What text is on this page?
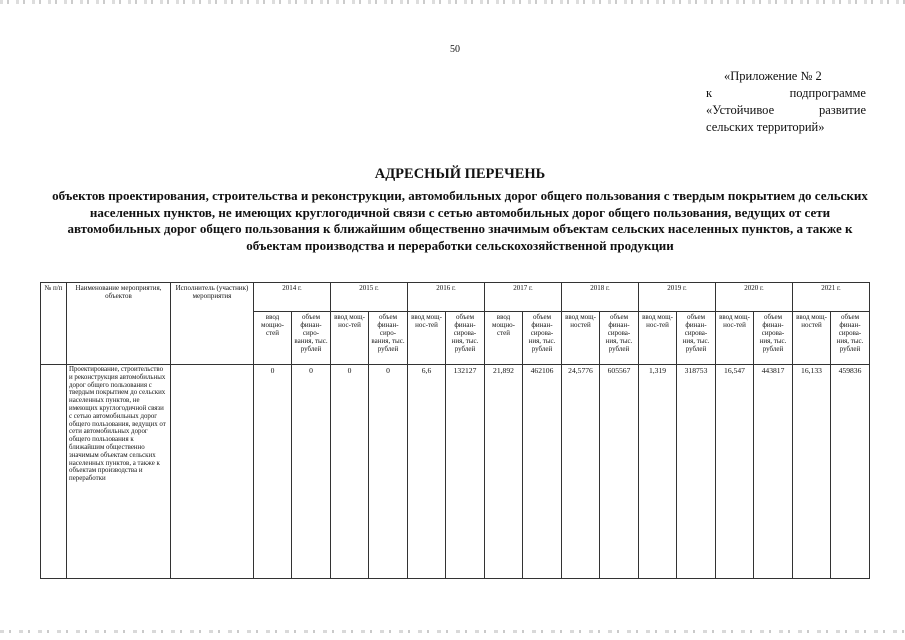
50
«Приложение № 2
к	подпрограмме
«Устойчивое	развитие
сельских территорий»
АДРЕСНЫЙ ПЕРЕЧЕНЬ
объектов проектирования, строительства и реконструкции, автомобильных дорог общего пользования с твердым покрытием до сельских населенных пунктов, не имеющих круглогодичной связи с сетью автомобильных дорог общего пользования, ведущих от сети автомобильных дорог общего пользования к ближайшим общественно значимым объектам сельских населенных пунктов, а также к объектам производства и переработки сельскохозяйственной продукции
№ п/п	Наименование мероприятия, объектов	Исполнитель (участник) мероприятия	2014 г.		2015 г.		2016 г.		2017 г.		2018 г.		2019 г.		2020 г.		2021 г.	
			ввод мощно-стей	объем финан-сиро-вания, тыс. рублей	ввод мощ-нос-тей	объем финан-сиро-вания, тыс. рублей	ввод мощ-нос-тей	объем финан-сирова-ния, тыс. рублей	ввод мощно-стей	объем финан-сирова-ния, тыс. рублей	ввод мощ-ностей	объем финан-сирова-ния, тыс. рублей	ввод мощ-нос-тей	объем финан-сирова-ния, тыс. рублей	ввод мощ-нос-тей	объем финан-сирова-ния, тыс. рублей	ввод мощ-ностей	объем финан-сирова-ния, тыс. рублей
	Проектирование, строительство и реконструкция автомобильных дорог общего пользования с твердым покрытием до сельских населенных пунктов, не имеющих круглогодичной связи с сетью автомобильных дорог общего пользования, ведущих от сети автомобильных дорог общего пользования к ближайшим общественно значимым объектам сельских населенных пунктов, а также к объектам производства и переработки		0	0	0	0	6,6	132127	21,892	462106	24,5776	605567	1,319	318753	16,547	443817	16,133	459836
